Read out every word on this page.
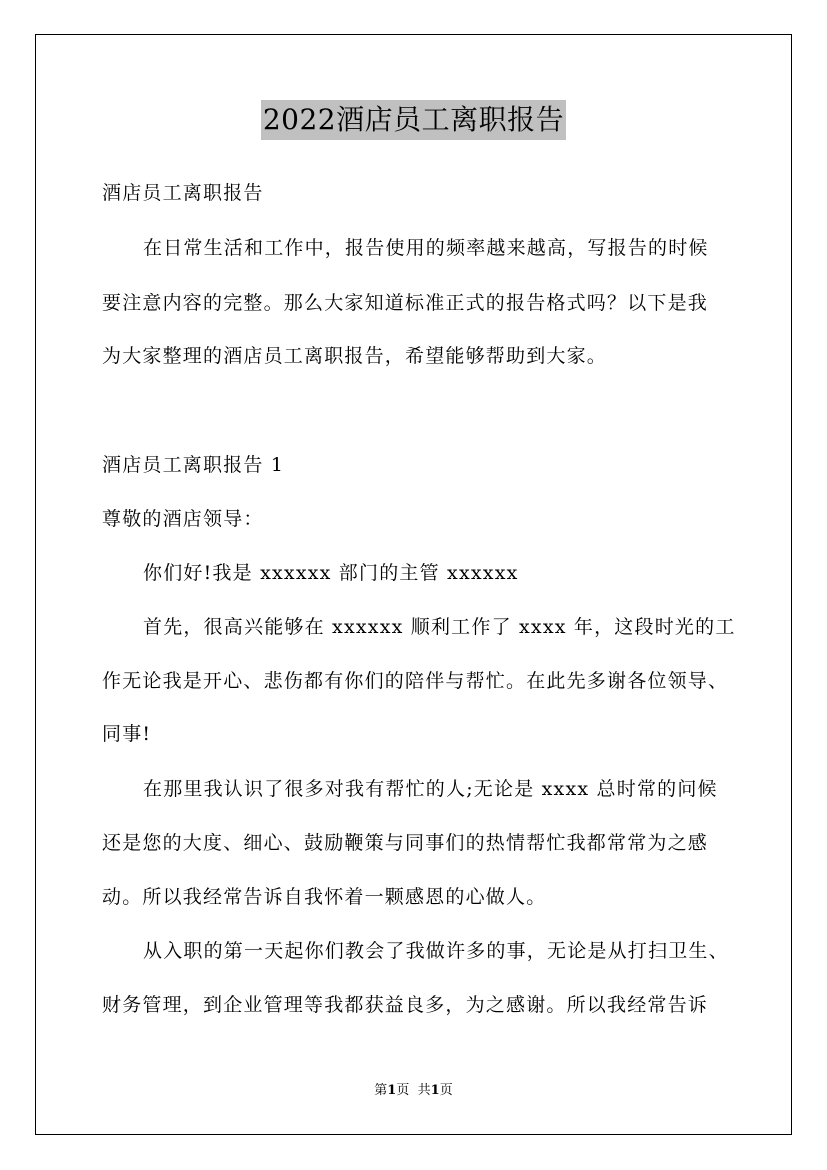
2022酒店员工离职报告
酒店员工离职报告
在日常生活和工作中，报告使用的频率越来越高，写报告的时候
要注意内容的完整。那么大家知道标准正式的报告格式吗？以下是我
为大家整理的酒店员工离职报告，希望能够帮助到大家。
酒店员工离职报告 1
尊敬的酒店领导：
你们好!我是 xxxxxx 部门的主管 xxxxxx
首先，很高兴能够在 xxxxxx 顺利工作了 xxxx 年，这段时光的工
作无论我是开心、悲伤都有你们的陪伴与帮忙。在此先多谢各位领导、
同事!
在那里我认识了很多对我有帮忙的人;无论是 xxxx 总时常的问候
还是您的大度、细心、鼓励鞭策与同事们的热情帮忙我都常常为之感
动。所以我经常告诉自我怀着一颗感恩的心做人。
从入职的第一天起你们教会了我做许多的事，无论是从打扫卫生、
财务管理，到企业管理等我都获益良多，为之感谢。所以我经常告诉
第1页 共1页
